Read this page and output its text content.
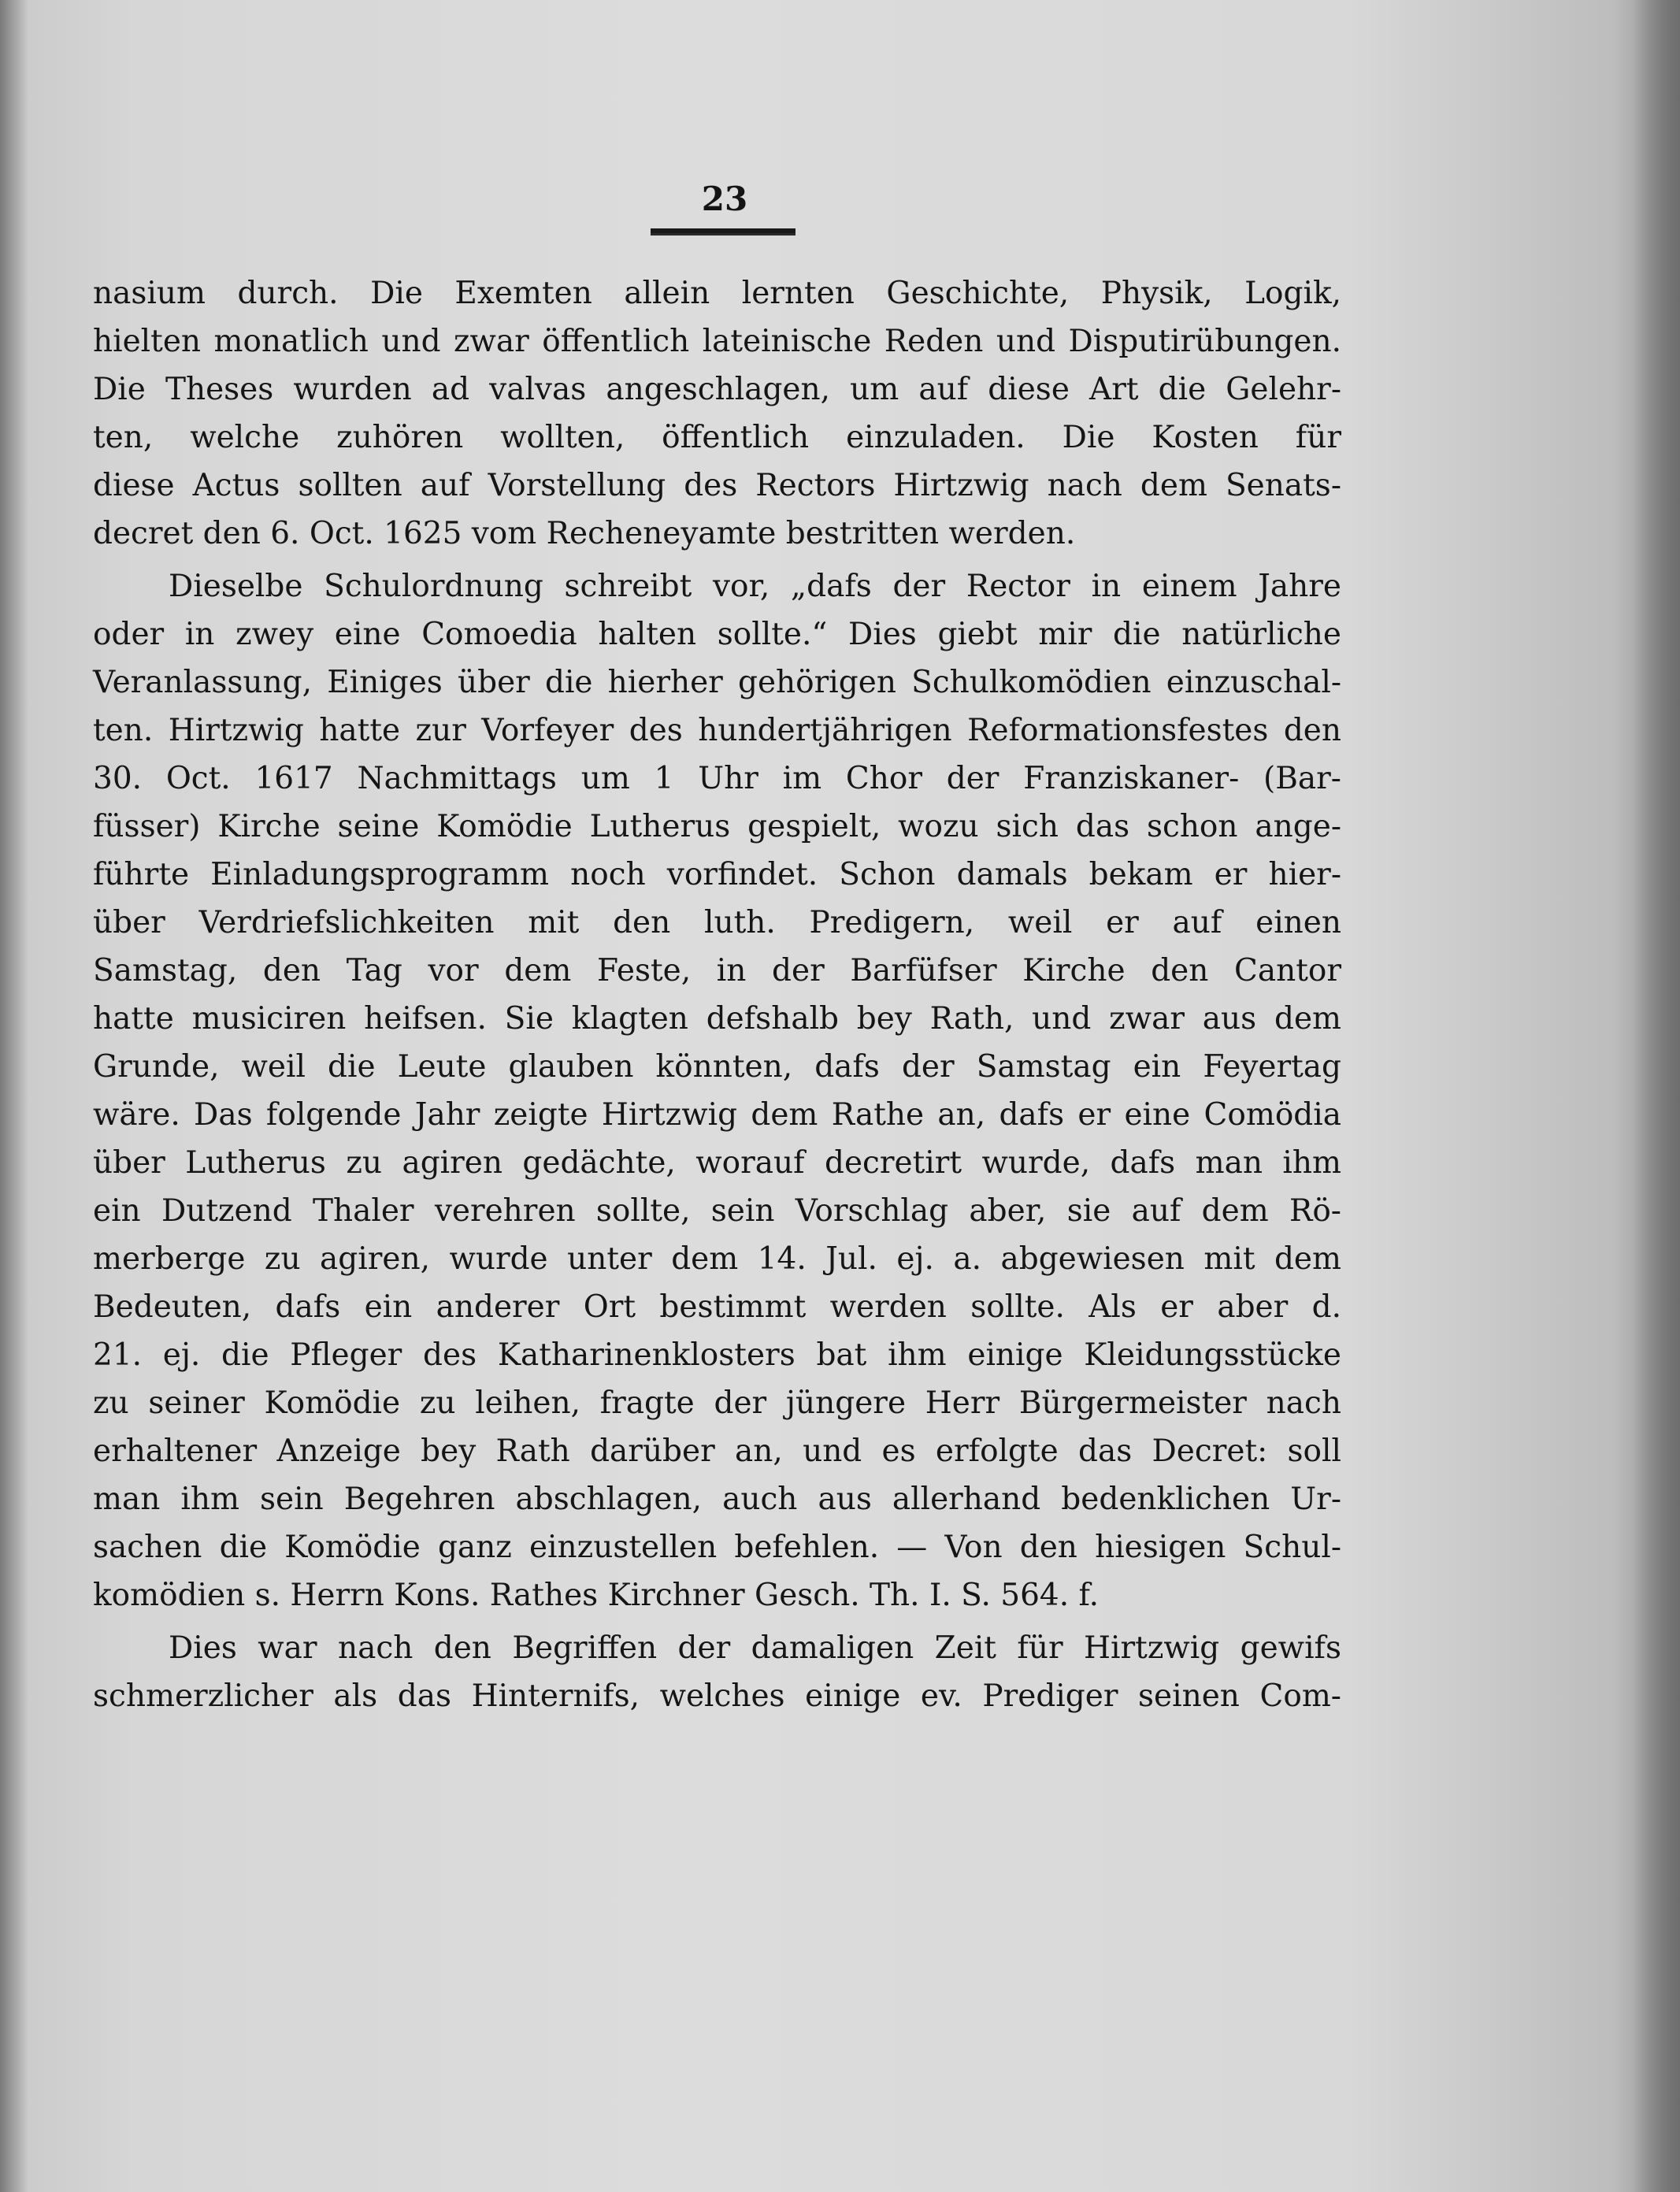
23
nasium durch. Die Exemten allein lernten Geschichte, Physik, Logik,
hielten monatlich und zwar öffentlich lateinische Reden und Disputirübungen.
Die Theses wurden ad valvas angeschlagen, um auf diese Art die Gelehr-
ten, welche zuhören wollten, öffentlich einzuladen. Die Kosten für
diese Actus sollten auf Vorstellung des Rectors Hirtzwig nach dem Senats-
decret den 6. Oct. 1625 vom Recheneyamte bestritten werden.
Dieselbe Schulordnung schreibt vor, „dafs der Rector in einem Jahre
oder in zwey eine Comoedia halten sollte.“ Dies giebt mir die natürliche
Veranlassung, Einiges über die hierher gehörigen Schulkomödien einzuschal-
ten. Hirtzwig hatte zur Vorfeyer des hundertjährigen Reformationsfestes den
30. Oct. 1617 Nachmittags um 1 Uhr im Chor der Franziskaner- (Bar-
füsser) Kirche seine Komödie Lutherus gespielt, wozu sich das schon ange-
führte Einladungsprogramm noch vorfindet. Schon damals bekam er hier-
über Verdriefslichkeiten mit den luth. Predigern, weil er auf einen
Samstag, den Tag vor dem Feste, in der Barfüfser Kirche den Cantor
hatte musiciren heifsen. Sie klagten defshalb bey Rath, und zwar aus dem
Grunde, weil die Leute glauben könnten, dafs der Samstag ein Feyertag
wäre. Das folgende Jahr zeigte Hirtzwig dem Rathe an, dafs er eine Comödia
über Lutherus zu agiren gedächte, worauf decretirt wurde, dafs man ihm
ein Dutzend Thaler verehren sollte, sein Vorschlag aber, sie auf dem Rö-
merberge zu agiren, wurde unter dem 14. Jul. ej. a. abgewiesen mit dem
Bedeuten, dafs ein anderer Ort bestimmt werden sollte. Als er aber d.
21. ej. die Pfleger des Katharinenklosters bat ihm einige Kleidungsstücke
zu seiner Komödie zu leihen, fragte der jüngere Herr Bürgermeister nach
erhaltener Anzeige bey Rath darüber an, und es erfolgte das Decret: soll
man ihm sein Begehren abschlagen, auch aus allerhand bedenklichen Ur-
sachen die Komödie ganz einzustellen befehlen. — Von den hiesigen Schul-
komödien s. Herrn Kons. Rathes Kirchner Gesch. Th. I. S. 564. f.
Dies war nach den Begriffen der damaligen Zeit für Hirtzwig gewifs
schmerzlicher als das Hinternifs, welches einige ev. Prediger seinen Com-
